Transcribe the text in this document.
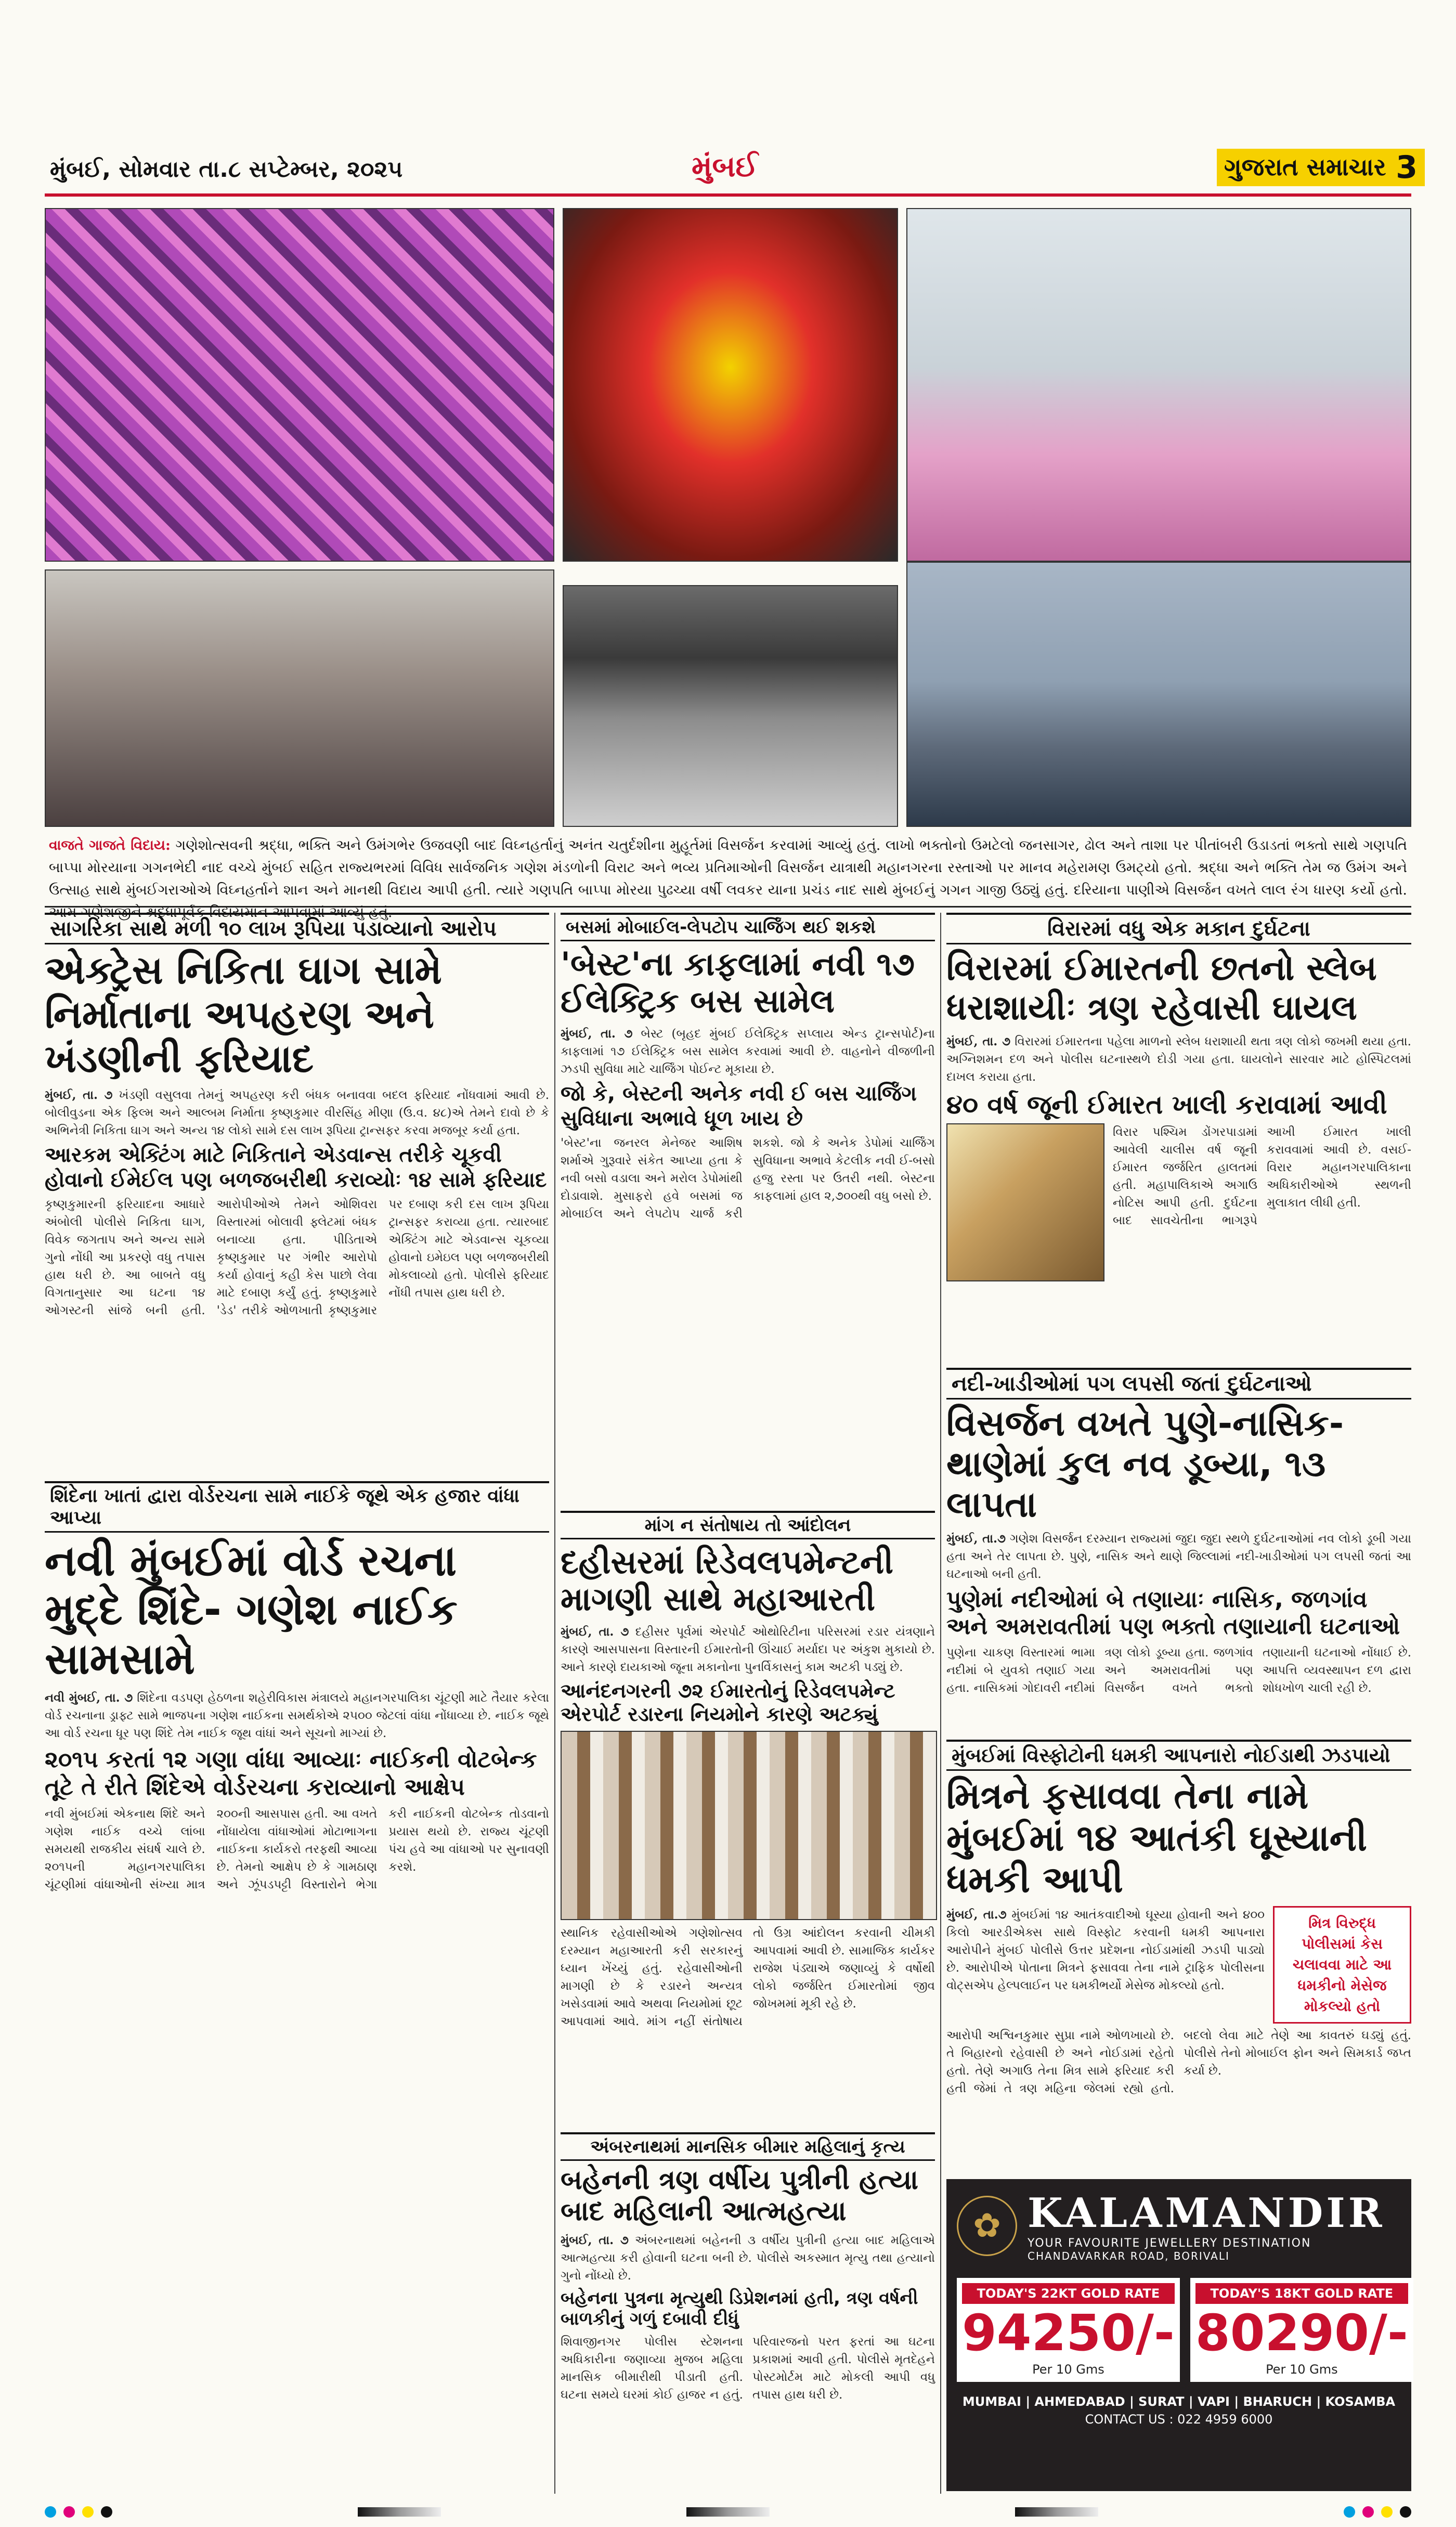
મુંબઈ, સોમવાર તા.૮ સપ્ટેમ્બર, ૨૦૨૫	મુંબઈ	ગુજરાત સમાચાર 3
વાજતે ગાજતે વિદાય: ગણેશોત્સવની શ્રદ્ધા, ભક્તિ અને ઉમંગભેર ઉજવણી બાદ વિઘ્નહર્તાનું અનંત ચતુર્દશીના મુહૂર્તમાં વિસર્જન કરવામાં આવ્યું હતું. લાખો ભક્તોનો ઉમટેલો જનસાગર, ઢોલ અને તાશા પર પીતાંબરી ઉડાડતાં ભક્તો સાથે ગણપતિ બાપ્પા મોરયાના ગગનભેદી નાદ વચ્ચે મુંબઈ સહિત રાજ્યભરમાં વિવિધ સાર્વજનિક ગણેશ મંડળોની વિરાટ અને ભવ્ય પ્રતિમાઓની વિસર્જન યાત્રાથી મહાનગરના રસ્તાઓ પર માનવ મહેરામણ ઉમટ્યો હતો. શ્રદ્ધા અને ભક્તિ તેમ જ ઉમંગ અને ઉત્સાહ સાથે મુંબઈગરાઓએ વિઘ્નહર્તાને શાન અને માનથી વિદાય આપી હતી. ત્યારે ગણપતિ બાપ્પા મોરયા પુઢચ્યા વર્ષી લવકર યાના પ્રચંડ નાદ સાથે મુંબઈનું ગગન ગાજી ઉઠ્યું હતું. દરિયાના પાણીએ વિસર્જન વખતે લાલ રંગ ધારણ કર્યો હતો. આમ ગણેશજીને શ્રદ્ધાપૂર્વક વિદાયમાન આપવામાં આવ્યું હતું.
સાગરિકા સાથે મળી ૧૦ લાખ રૂપિયા પડાવ્યાનો આરોપ
એક્ટ્રેસ નિકિતા ઘાગ સામે નિર્માતાના અપહરણ અને ખંડણીની ફરિયાદ

મુંબઈ, તા. ૭ ખંડણી વસુલવા તેમનું અપહરણ કરી બંધક બનાવવા બદલ ફરિયાદ નોંધવામાં આવી છે. બોલીવુડના એક ફિલ્મ અને આલ્બમ નિર્માતા કૃષ્ણકુમાર વીરસિંહ મીણા (ઉ.વ. ૪૮)એ તેમને દાવો છે કે અભિનેત્રી નિકિતા ઘાગ અને અન્ય ૧૪ લોકો સામે દસ લાખ રૂપિયા ટ્રાન્સફર કરવા મજબૂર કર્યા હતા.

આરકમ એક્ટિંગ માટે નિકિતાને એડવાન્સ તરીકે ચૂકવી હોવાનો ઈમેઈલ પણ બળજબરીથી કરાવ્યોઃ ૧૪ સામે ફરિયાદ
કૃષ્ણકુમારની ફરિયાદના આધારે અંબોલી પોલીસે નિકિતા ઘાગ, વિવેક જગતાપ અને અન્ય સામે ગુનો નોંધી આ પ્રકરણે વધુ તપાસ હાથ ધરી છે. આ બાબતે વધુ વિગતાનુસાર આ ઘટના ૧૪ ઓગસ્ટની સાંજે બની હતી. આરોપીઓએ તેમને ઓશિવરા વિસ્તારમાં બોલાવી ફ્લેટમાં બંધક બનાવ્યા હતા. પીડિતાએ કૃષ્ણકુમાર પર ગંભીર આરોપો કર્યા હોવાનું કહી કેસ પાછો લેવા માટે દબાણ કર્યું હતું. કૃષ્ણકુમારે 'ડેડ' તરીકે ઓળખાતી કૃષ્ણકુમાર પર દબાણ કરી દસ લાખ રૂપિયા ટ્રાન્સફર કરાવ્યા હતા. ત્યારબાદ એક્ટિંગ માટે એડવાન્સ ચૂકવ્યા હોવાનો ઇમેઇલ પણ બળજબરીથી મોકલાવ્યો હતો. પોલીસે ફરિયાદ નોંધી તપાસ હાથ ધરી છે.
શિંદેના ખાતાં દ્વારા વોર્ડરચના સામે નાઈકે જૂથે એક હજાર વાંધા આપ્યા
નવી મુંબઈમાં વોર્ડ રચના મુદ્દે શિંદે- ગણેશ નાઈક સામસામે

નવી મુંબઈ, તા. ૭ શિંદેના વડપણ હેઠળના શહેરીવિકાસ મંત્રાલયે મહાનગરપાલિકા ચૂંટણી માટે તૈયાર કરેલા વોર્ડ રચનાના ડ્રાફ્ટ સામે ભાજપના ગણેશ નાઈકના સમર્થકોએ ૨૫૦૦ જેટલાં વાંધા નોંધાવ્યા છે. નાઈક જૂથે આ વોર્ડ રચના ધૂર પણ શિંદે તેમ નાઈક જૂથ વાંધાં અને સૂચનો માગ્યાં છે.

૨૦૧૫ કરતાં ૧૨ ગણા વાંધા આવ્યાઃ નાઈકની વોટબેન્ક તૂટે તે રીતે શિંદેએ વોર્ડરચના કરાવ્યાનો આક્ષેપ
નવી મુંબઈમાં એકનાથ શિંદે અને ગણેશ નાઈક વચ્ચે લાંબા સમયથી રાજકીય સંઘર્ષ ચાલે છે. ૨૦૧૫ની મહાનગરપાલિકા ચૂંટણીમાં વાંધાઓની સંખ્યા માત્ર ૨૦૦ની આસપાસ હતી. આ વખતે નોંધાયેલા વાંધાઓમાં મોટાભાગના નાઈકના કાર્યકરો તરફથી આવ્યા છે. તેમનો આક્ષેપ છે કે ગામઠાણ અને ઝૂંપડપટ્ટી વિસ્તારોને ભેગા કરી નાઈકની વોટબેન્ક તોડવાનો પ્રયાસ થયો છે. રાજ્ય ચૂંટણી પંચ હવે આ વાંધાઓ પર સુનાવણી કરશે.
બસમાં મોબાઈલ-લેપટોપ ચાર્જિંગ થઈ શકશે
'બેસ્ટ'ના કાફલામાં નવી ૧૭ ઈલેક્ટ્રિક બસ સામેલ

મુંબઈ, તા. ૭ બેસ્ટ (બૃહદ મુંબઈ ઈલેક્ટ્રિક સપ્લાય એન્ડ ટ્રાન્સપોર્ટ)ના કાફલામાં ૧૭ ઈલેક્ટ્રિક બસ સામેલ કરવામાં આવી છે. વાહનોને વીજળીની ઝડપી સુવિધા માટે ચાર્જિંગ પોઈન્ટ મૂકાયા છે.

જો કે, બેસ્ટની અનેક નવી ઈ બસ ચાર્જિંગ સુવિધાના અભાવે ધૂળ ખાય છે
'બેસ્ટ'ના જનરલ મેનેજર આશિષ શર્માએ ગુરૂવારે સંકેત આપ્યા હતા કે નવી બસો વડાલા અને મરોલ ડેપોમાંથી દોડાવાશે. મુસાફરો હવે બસમાં જ મોબાઈલ અને લેપટોપ ચાર્જ કરી શકશે. જો કે અનેક ડેપોમાં ચાર્જિંગ સુવિધાના અભાવે કેટલીક નવી ઈ-બસો હજુ રસ્તા પર ઉતરી નથી. બેસ્ટના કાફલામાં હાલ ૨,૭૦૦થી વધુ બસો છે.
માંગ ન સંતોષાય તો આંદોલન
દહીસરમાં રિડેવલપમેન્ટની માગણી સાથે મહાઆરતી

મુંબઈ, તા. ૭ દહીસર પૂર્વમાં એરપોર્ટ ઓથોરિટીના પરિસરમાં રડાર યંત્રણાને કારણે આસપાસના વિસ્તારની ઈમારતોની ઊંચાઈ મર્યાદા પર અંકુશ મુકાયો છે. આને કારણે દાયકાઓ જૂના મકાનોના પુનર્વિકાસનું કામ અટકી પડ્યું છે.

આનંદનગરની ૭૨ ઈમારતોનું રિડેવલપમેન્ટ એરપોર્ટ રડારના નિયમોને કારણે અટક્યું
સ્થાનિક રહેવાસીઓએ ગણેશોત્સવ દરમ્યાન મહાઆરતી કરી સરકારનું ધ્યાન ખેંચ્યું હતું. રહેવાસીઓની માગણી છે કે રડારને અન્યત્ર ખસેડવામાં આવે અથવા નિયમોમાં છૂટ આપવામાં આવે. માંગ નહીં સંતોષાય તો ઉગ્ર આંદોલન કરવાની ચીમકી આપવામાં આવી છે. સામાજિક કાર્યકર રાજેશ પંડ્યાએ જણાવ્યું કે વર્ષોથી લોકો જર્જરિત ઈમારતોમાં જીવ જોખમમાં મૂકી રહે છે.
વિરારમાં વધુ એક મકાન દુર્ઘટના
વિરારમાં ઈમારતની છતનો સ્લેબ ધરાશાયીઃ ત્રણ રહેવાસી ઘાયલ

મુંબઈ, તા. ૭ વિરારમાં ઈમારતના પહેલા માળનો સ્લેબ ધરાશાયી થતા ત્રણ લોકો જખમી થયા હતા. અગ્નિશમન દળ અને પોલીસ ઘટનાસ્થળે દોડી ગયા હતા. ઘાયલોને સારવાર માટે હોસ્પિટલમાં દાખલ કરાયા હતા.

૪૦ વર્ષ જૂની ઈમારત ખાલી કરાવામાં આવી
વિરાર પશ્ચિમ ડોંગરપાડામાં આવેલી ચાલીસ વર્ષ જૂની ઈમારત જર્જરિત હાલતમાં હતી. મહાપાલિકાએ અગાઉ નોટિસ આપી હતી. દુર્ઘટના બાદ સાવચેતીના ભાગરૂપે આખી ઈમારત ખાલી કરાવવામાં આવી છે. વસઈ-વિરાર મહાનગરપાલિકાના અધિકારીઓએ સ્થળની મુલાકાત લીધી હતી.
નદી-ખાડીઓમાં પગ લપસી જતાં દુર્ઘટનાઓ
વિસર્જન વખતે પુણે-નાસિક-થાણેમાં કુલ નવ ડૂબ્યા, ૧૩ લાપતા

મુંબઈ, તા.૭ ગણેશ વિસર્જન દરમ્યાન રાજ્યમાં જુદા જુદા સ્થળે દુર્ઘટનાઓમાં નવ લોકો ડૂબી ગયા હતા અને તેર લાપતા છે. પુણે, નાસિક અને થાણે જિલ્લામાં નદી-ખાડીઓમાં પગ લપસી જતાં આ ઘટનાઓ બની હતી.

પુણેમાં નદીઓમાં બે તણાયાઃ નાસિક, જળગાંવ અને અમરાવતીમાં પણ ભક્તો તણાયાની ઘટનાઓ
પુણેના ચાકણ વિસ્તારમાં ભામા નદીમાં બે યુવકો તણાઈ ગયા હતા. નાસિકમાં ગોદાવરી નદીમાં ત્રણ લોકો ડૂબ્યા હતા. જળગાંવ અને અમરાવતીમાં પણ વિસર્જન વખતે ભક્તો તણાયાની ઘટનાઓ નોંધાઈ છે. આપત્તિ વ્યવસ્થાપન દળ દ્વારા શોધખોળ ચાલી રહી છે.
મુંબઈમાં વિસ્ફોટોની ધમકી આપનારો નોઈડાથી ઝડપાયો
મિત્રને ફસાવવા તેના નામે મુંબઈમાં ૧૪ આતંકી ઘૂસ્યાની ધમકી આપી

મુંબઈ, તા.૭ મુંબઈમાં ૧૪ આતંકવાદીઓ ઘૂસ્યા હોવાની અને ૪૦૦ કિલો આરડીએક્સ સાથે વિસ્ફોટ કરવાની ધમકી આપનારા આરોપીને મુંબઈ પોલીસે ઉત્તર પ્રદેશના નોઈડામાંથી ઝડપી પાડ્યો છે. આરોપીએ પોતાના મિત્રને ફસાવવા તેના નામે ટ્રાફિક પોલીસના વોટ્સએપ હેલ્પલાઈન પર ધમકીભર્યો મેસેજ મોકલ્યો હતો.

મિત્ર વિરુદ્ધ પોલીસમાં કેસ ચલાવવા માટે આ ધમકીનો મેસેજ મોકલ્યો હતો
આરોપી અશ્વિનકુમાર સુપ્રા નામે ઓળખાયો છે. તે બિહારનો રહેવાસી છે અને નોઈડામાં રહેતો હતો. તેણે અગાઉ તેના મિત્ર સામે ફરિયાદ કરી હતી જેમાં તે ત્રણ મહિના જેલમાં રહ્યો હતો. બદલો લેવા માટે તેણે આ કાવતરું ઘડ્યું હતું. પોલીસે તેનો મોબાઈલ ફોન અને સિમકાર્ડ જપ્ત કર્યા છે.
અંબરનાથમાં માનસિક બીમાર મહિલાનું કૃત્ય
બહેનની ત્રણ વર્ષીય પુત્રીની હત્યા બાદ મહિલાની આત્મહત્યા

મુંબઈ, તા. ૭ અંબરનાથમાં બહેનની ૩ વર્ષીય પુત્રીની હત્યા બાદ મહિલાએ આત્મહત્યા કરી હોવાની ઘટના બની છે. પોલીસે અકસ્માત મૃત્યુ તથા હત્યાનો ગુનો નોંધ્યો છે.

બહેનના પુત્રના મૃત્યુથી ડિપ્રેશનમાં હતી, ત્રણ વર્ષની બાળકીનું ગળું દબાવી દીધું
શિવાજીનગર પોલીસ સ્ટેશનના અધિકારીના જણાવ્યા મુજબ મહિલા માનસિક બીમારીથી પીડાતી હતી. ઘટના સમયે ઘરમાં કોઈ હાજર ન હતું. પરિવારજનો પરત ફરતાં આ ઘટના પ્રકાશમાં આવી હતી. પોલીસે મૃતદેહને પોસ્ટમોર્ટમ માટે મોકલી આપી વધુ તપાસ હાથ ધરી છે.
✿ KALAMANDIR
YOUR FAVOURITE JEWELLERY DESTINATION
CHANDAVARKAR ROAD, BORIVALI
TODAY'S 22KT GOLD RATE
94250/-
Per 10 Gms
TODAY'S 18KT GOLD RATE
80290/-
Per 10 Gms
MUMBAI | AHMEDABAD | SURAT | VAPI | BHARUCH | KOSAMBA
CONTACT US : 022 4959 6000
